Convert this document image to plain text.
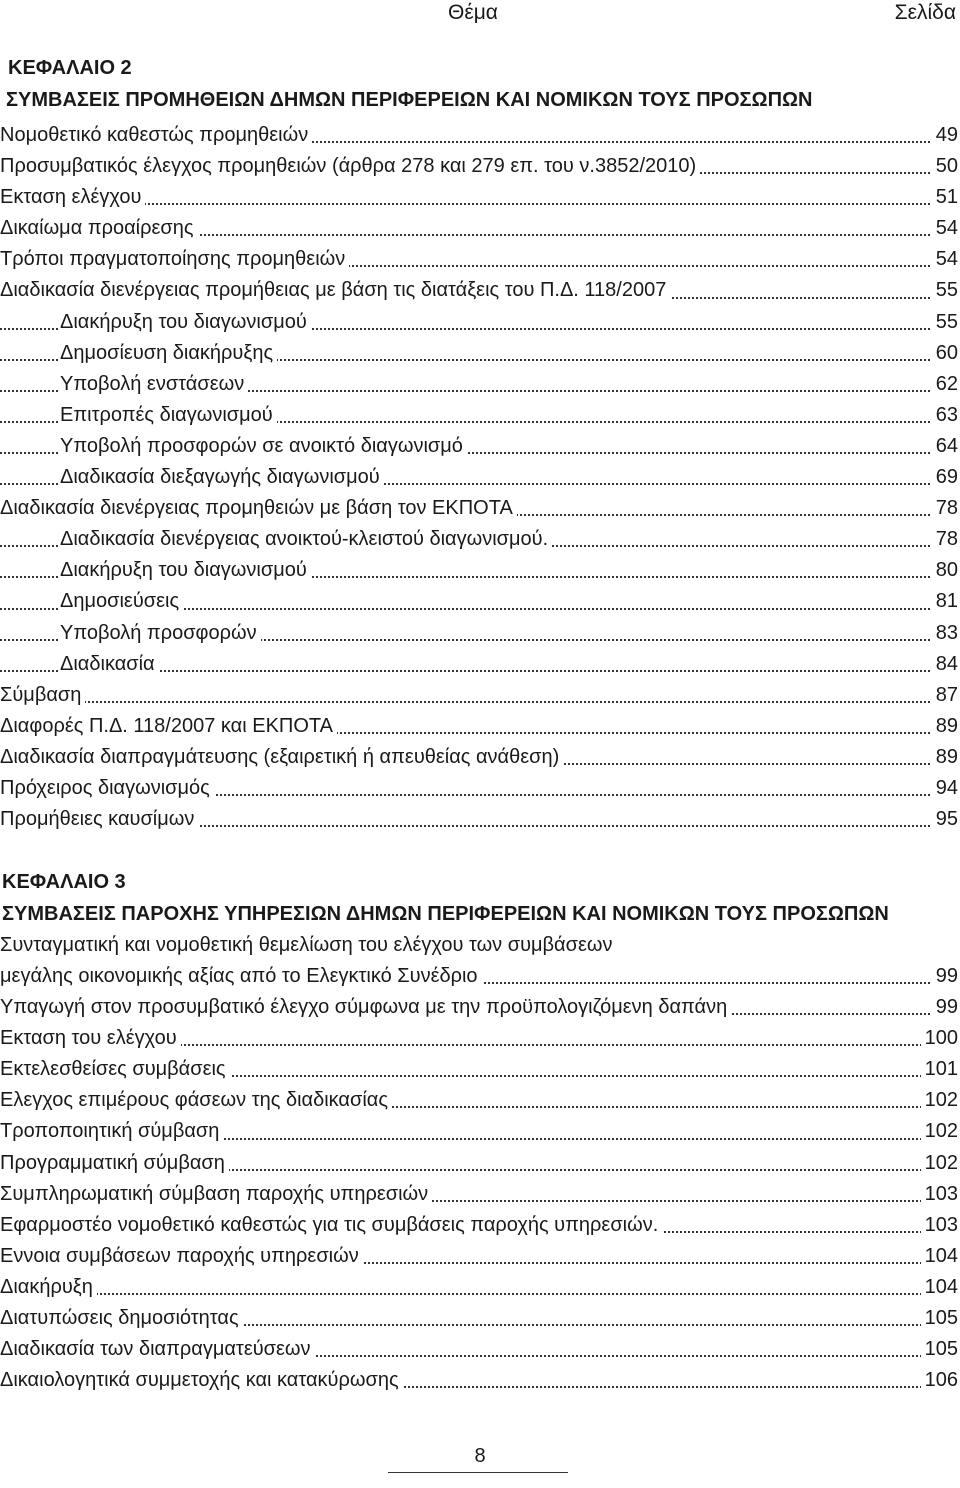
Θέμα	Σελίδα
ΚΕΦΑΛΑΙΟ 2
ΣΥΜΒΑΣΕΙΣ ΠΡΟΜΗΘΕΙΩΝ ΔΗΜΩΝ ΠΕΡΙΦΕΡΕΙΩΝ ΚΑΙ ΝΟΜΙΚΩΝ ΤΟΥΣ ΠΡΟΣΩΠΩΝ
Νομοθετικό καθεστώς προμηθειών	49
Προσυμβατικός έλεγχος προμηθειών (άρθρα 278 και 279 επ. του ν.3852/2010)	50
Εκταση ελέγχου	51
Δικαίωμα προαίρεσης	54
Τρόποι πραγματοποίησης προμηθειών	54
Διαδικασία διενέργειας προμήθειας με βάση τις διατάξεις του Π.Δ. 118/2007	55
Διακήρυξη του διαγωνισμού	55
Δημοσίευση διακήρυξης	60
Υποβολή ενστάσεων	62
Επιτροπές διαγωνισμού	63
Υποβολή προσφορών σε ανοικτό διαγωνισμό	64
Διαδικασία διεξαγωγής διαγωνισμού	69
Διαδικασία διενέργειας προμηθειών με βάση τον ΕΚΠΟΤΑ	78
Διαδικασία διενέργειας ανοικτού-κλειστού διαγωνισμού.	78
Διακήρυξη του διαγωνισμού	80
Δημοσιεύσεις	81
Υποβολή προσφορών	83
Διαδικασία	84
Σύμβαση	87
Διαφορές Π.Δ. 118/2007 και ΕΚΠΟΤΑ	89
Διαδικασία διαπραγμάτευσης (εξαιρετική ή απευθείας ανάθεση)	89
Πρόχειρος διαγωνισμός	94
Προμήθειες καυσίμων	95
ΚΕΦΑΛΑΙΟ 3
ΣΥΜΒΑΣΕΙΣ ΠΑΡΟΧΗΣ ΥΠΗΡΕΣΙΩΝ ΔΗΜΩΝ ΠΕΡΙΦΕΡΕΙΩΝ ΚΑΙ ΝΟΜΙΚΩΝ ΤΟΥΣ ΠΡΟΣΩΠΩΝ
Συνταγματική και νομοθετική θεμελίωση του ελέγχου των συμβάσεων
μεγάλης οικονομικής αξίας από το Ελεγκτικό Συνέδριο	99
Υπαγωγή στον προσυμβατικό έλεγχο σύμφωνα με την προϋπολογιζόμενη δαπάνη	99
Εκταση του ελέγχου	100
Εκτελεσθείσες συμβάσεις	101
Ελεγχος επιμέρους φάσεων της διαδικασίας	102
Τροποποιητική σύμβαση	102
Προγραμματική σύμβαση	102
Συμπληρωματική σύμβαση παροχής υπηρεσιών	103
Εφαρμοστέο νομοθετικό καθεστώς για τις συμβάσεις παροχής υπηρεσιών.	103
Εννοια συμβάσεων παροχής υπηρεσιών	104
Διακήρυξη	104
Διατυπώσεις δημοσιότητας	105
Διαδικασία των διαπραγματεύσεων	105
Δικαιολογητικά συμμετοχής και κατακύρωσης	106
8
